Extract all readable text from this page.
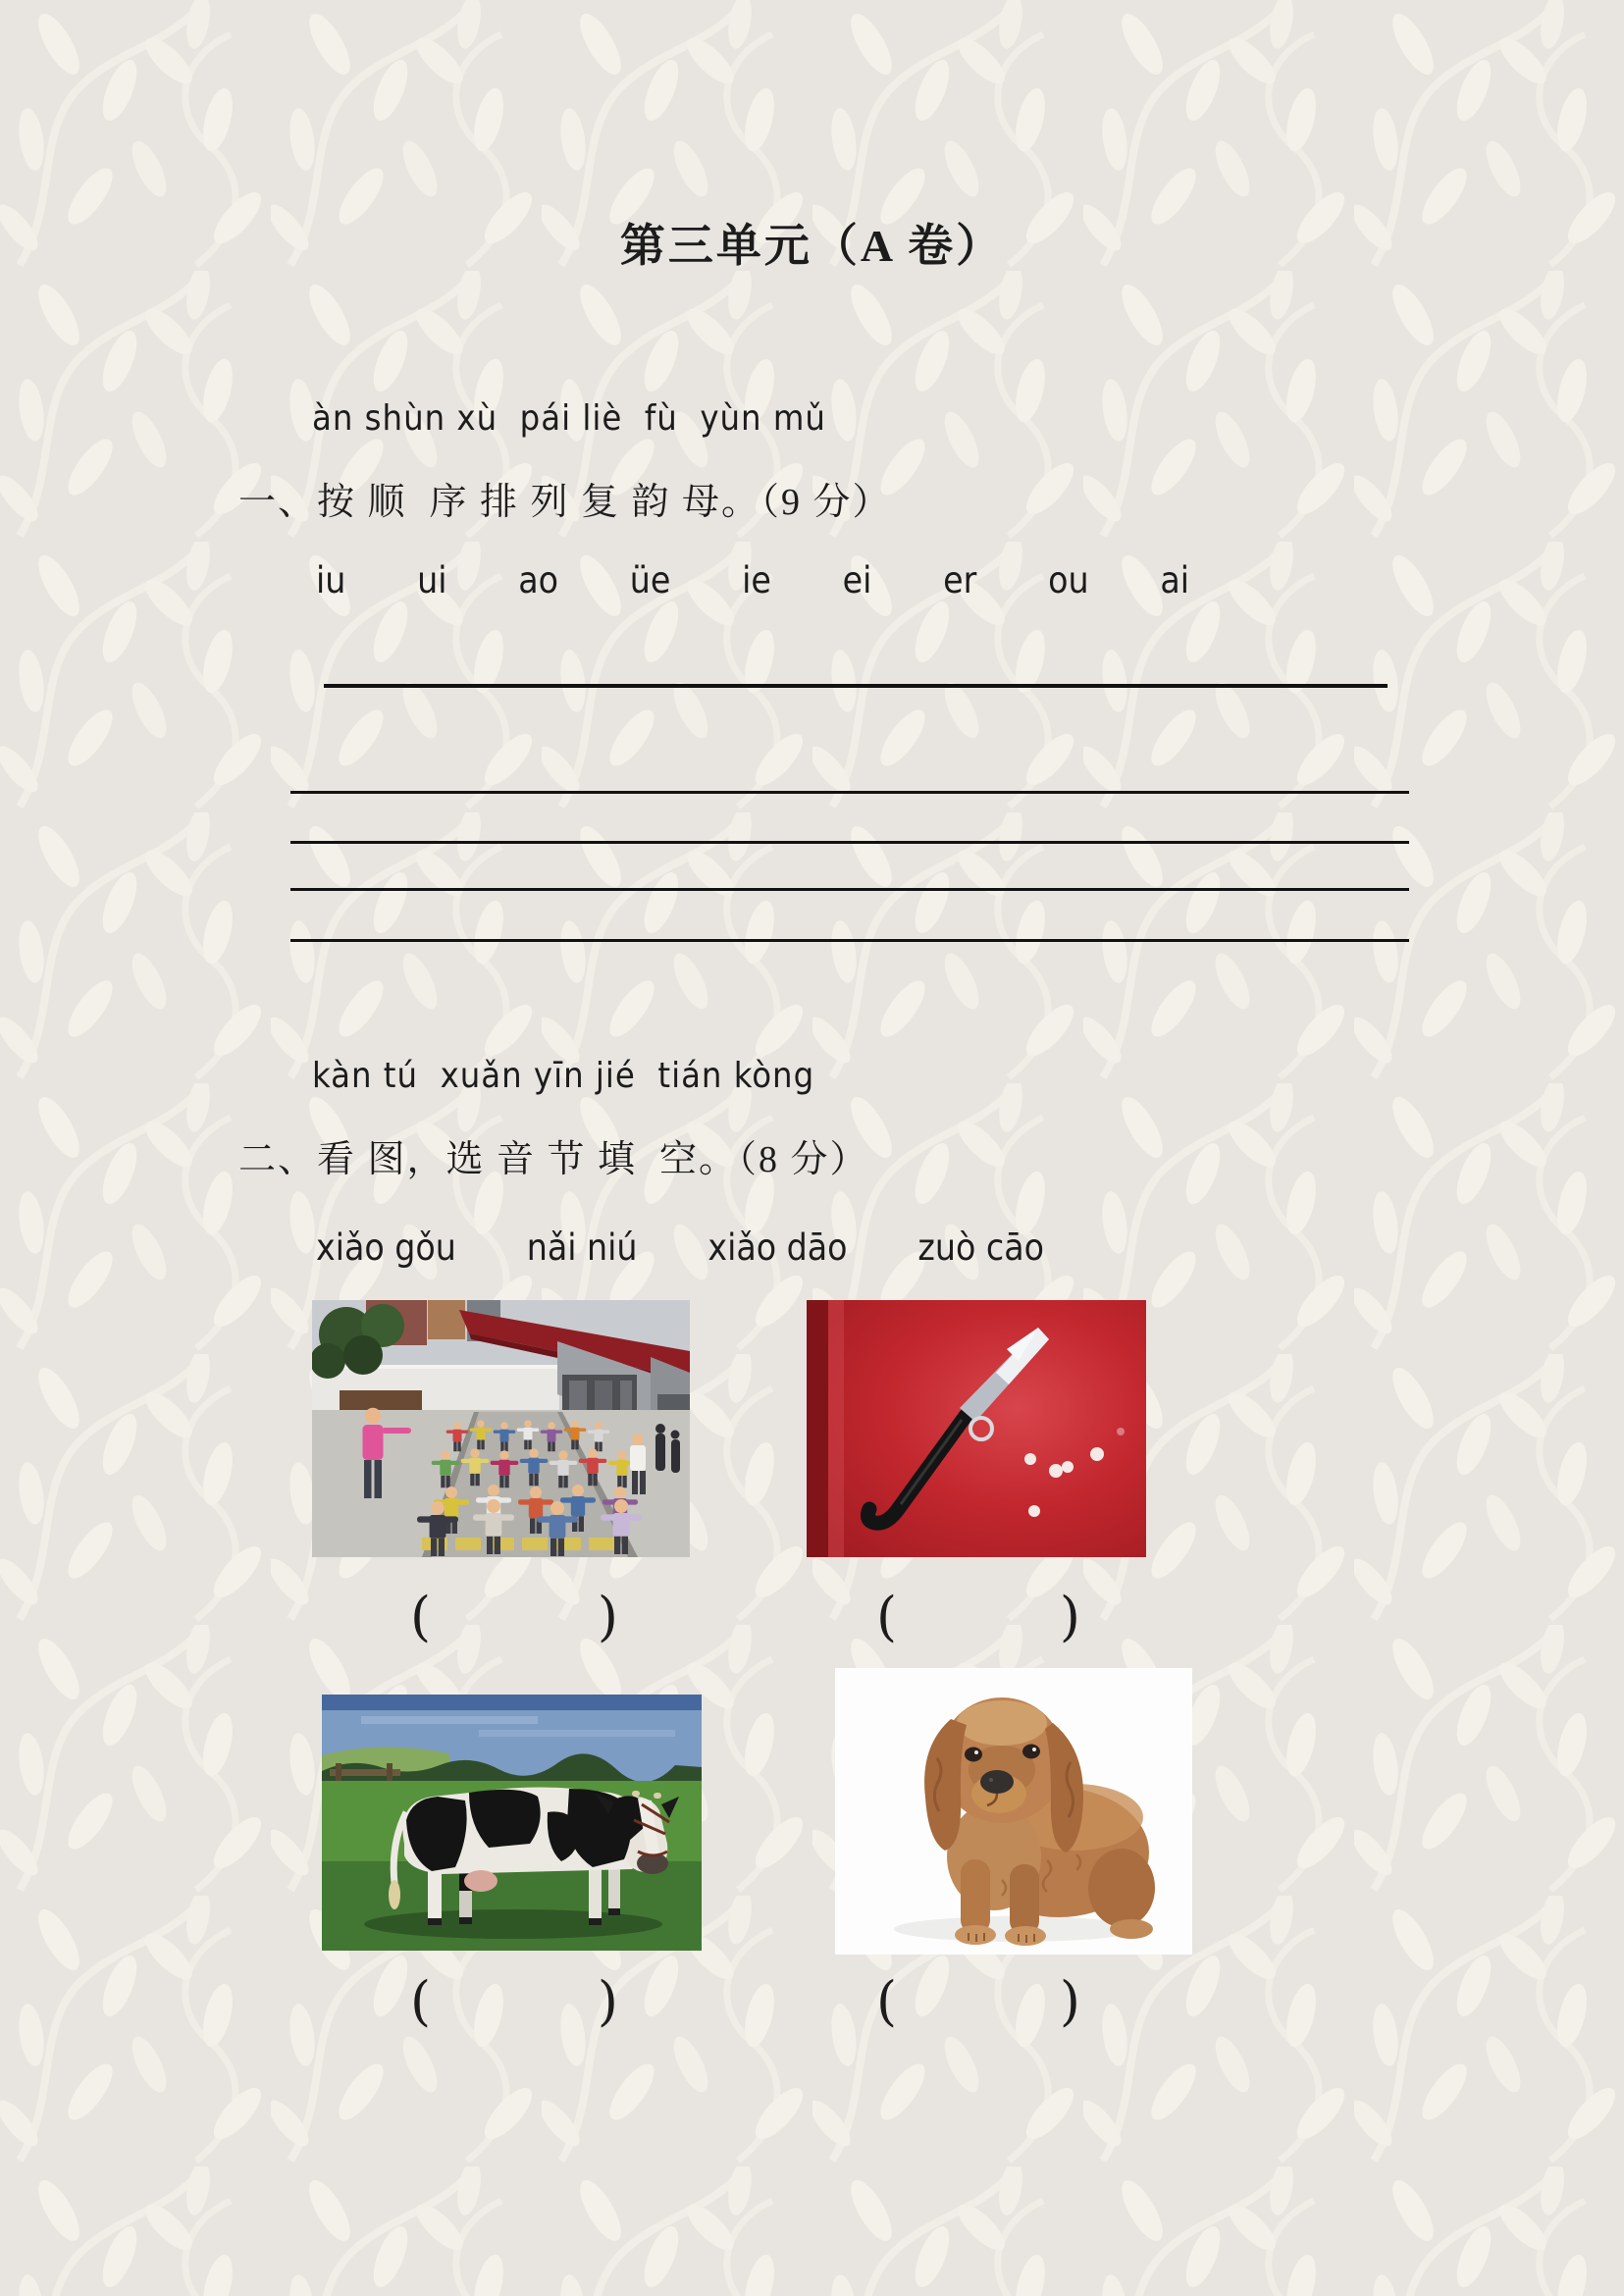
第三单元（A 卷）
àn shùn xù  pái liè  fù  yùn mǔ
一、按 顺  序 排 列 复 韵 母。（9 分）
iu ui ao üe ie ei er ou ai
kàn tú  xuǎn yīn jié  tián kòng
二、看 图，选 音 节 填  空。（8 分）
xiǎo gǒu nǎi niú xiǎo dāo zuò cāo
(	)	(	)
(	)	(	)
